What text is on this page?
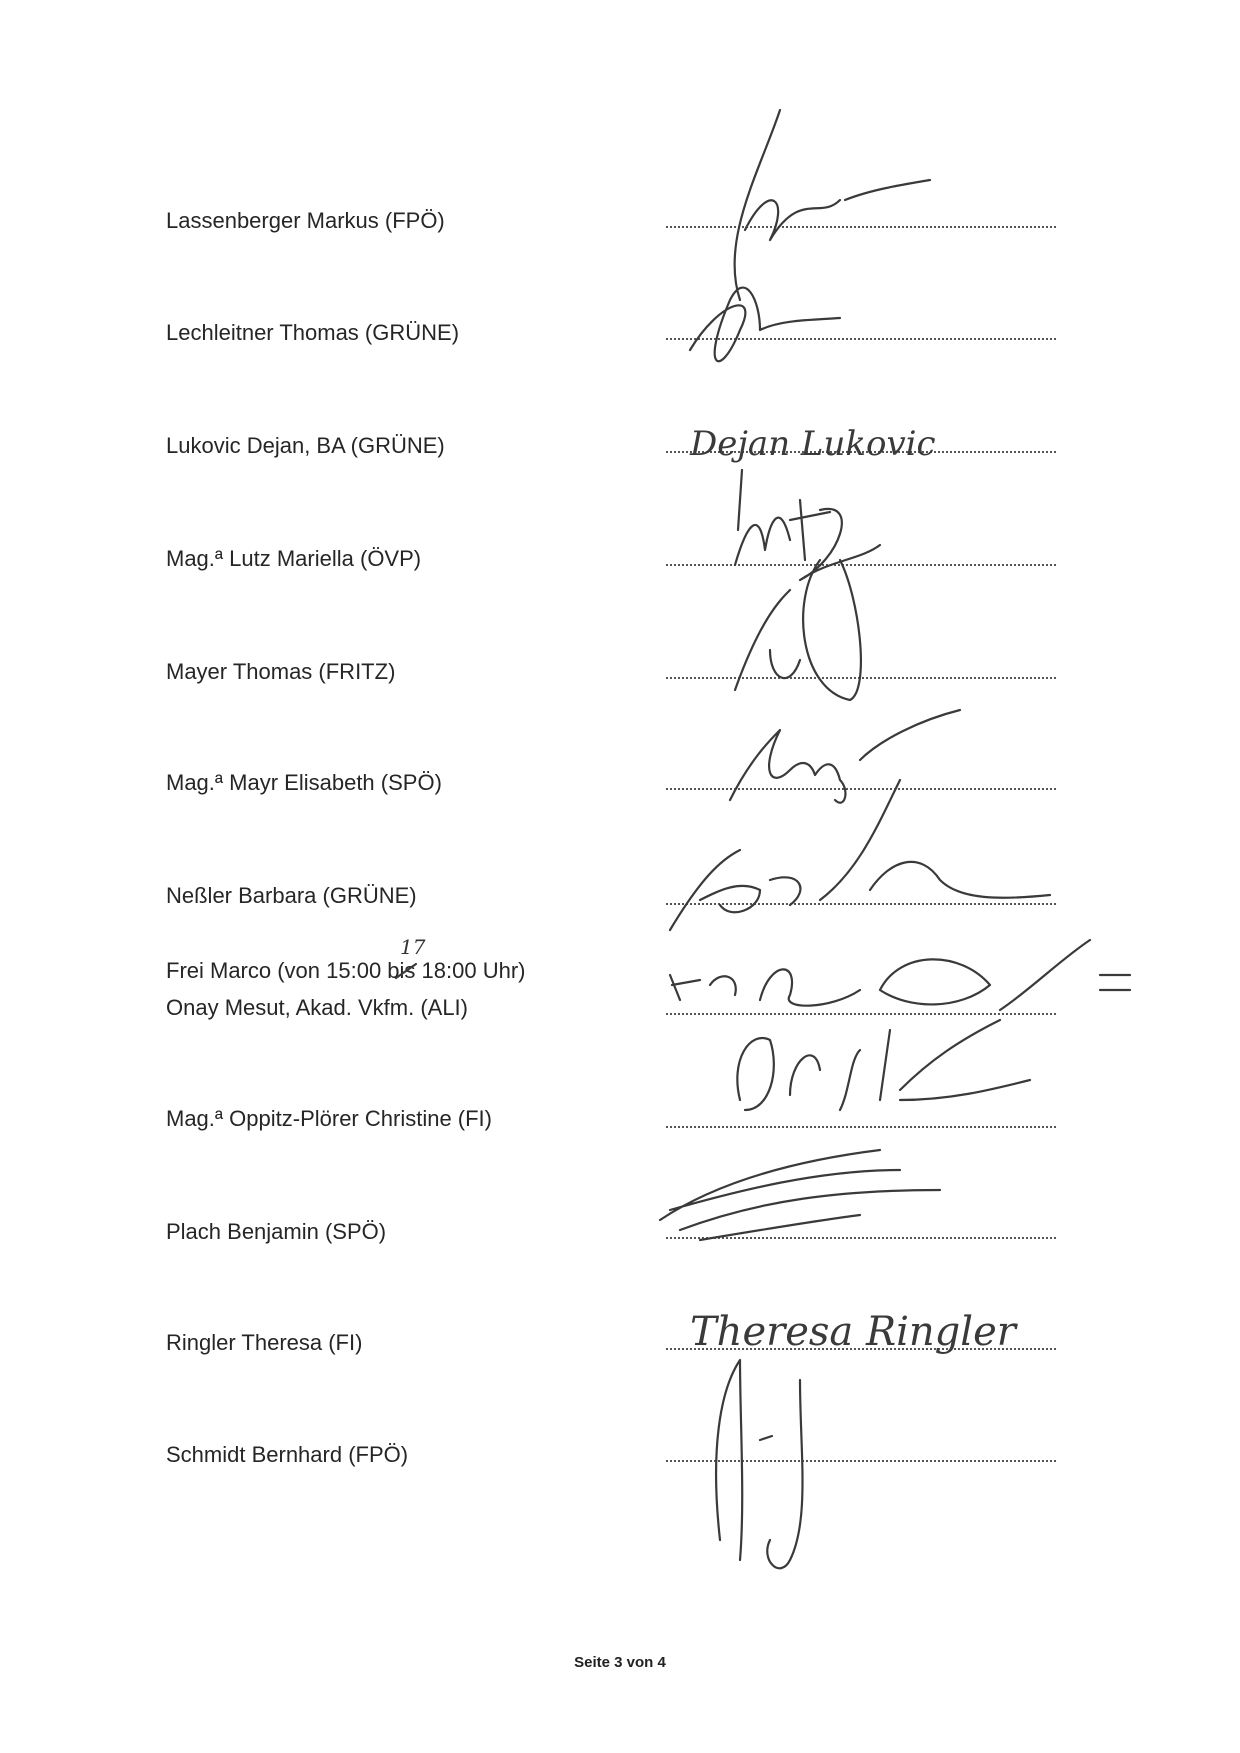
Lassenberger Markus (FPÖ)
Lechleitner Thomas (GRÜNE)
Lukovic Dejan, BA (GRÜNE)
Mag.ª Lutz Mariella (ÖVP)
Mayer Thomas (FRITZ)
Mag.ª Mayr Elisabeth (SPÖ)
Neßler Barbara (GRÜNE)
Frei Marco (von 15:00 bis 18:00 Uhr)
17
Onay Mesut, Akad. Vkfm. (ALI)
Mag.ª Oppitz-Plörer Christine (FI)
Plach Benjamin (SPÖ)
Ringler Theresa (FI)
Schmidt Bernhard (FPÖ)
Dejan Lukovic
Theresa Ringler
Seite 3 von 4
